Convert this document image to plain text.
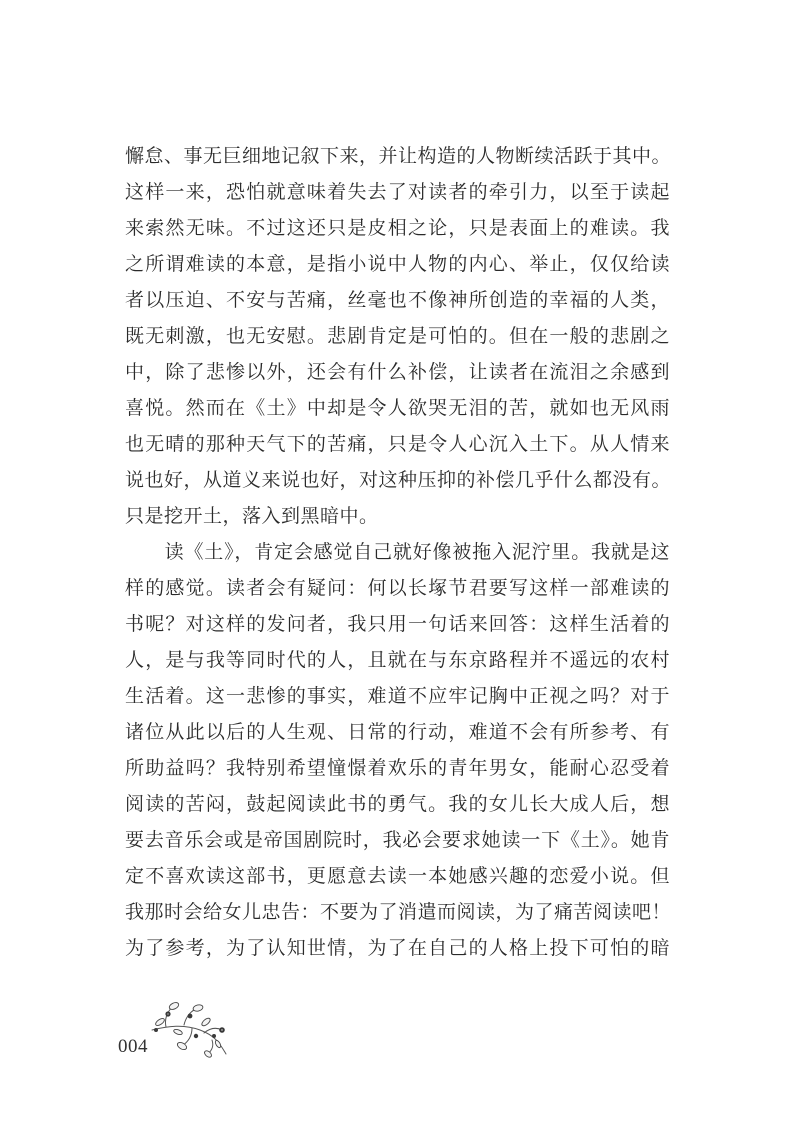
懈怠、事无巨细地记叙下来，并让构造的人物断续活跃于其中。
这样一来，恐怕就意味着失去了对读者的牵引力，以至于读起
来索然无味。不过这还只是皮相之论，只是表面上的难读。我
之所谓难读的本意，是指小说中人物的内心、举止，仅仅给读
者以压迫、不安与苦痛，丝毫也不像神所创造的幸福的人类，
既无刺激，也无安慰。悲剧肯定是可怕的。但在一般的悲剧之
中，除了悲惨以外，还会有什么补偿，让读者在流泪之余感到
喜悦。然而在《土》中却是令人欲哭无泪的苦，就如也无风雨
也无晴的那种天气下的苦痛，只是令人心沉入土下。从人情来
说也好，从道义来说也好，对这种压抑的补偿几乎什么都没有。
只是挖开土，落入到黑暗中。
　　读《土》，肯定会感觉自己就好像被拖入泥泞里。我就是这
样的感觉。读者会有疑问：何以长塚节君要写这样一部难读的
书呢？对这样的发问者，我只用一句话来回答：这样生活着的
人，是与我等同时代的人，且就在与东京路程并不遥远的农村
生活着。这一悲惨的事实，难道不应牢记胸中正视之吗？对于
诸位从此以后的人生观、日常的行动，难道不会有所参考、有
所助益吗？我特别希望憧憬着欢乐的青年男女，能耐心忍受着
阅读的苦闷，鼓起阅读此书的勇气。我的女儿长大成人后，想
要去音乐会或是帝国剧院时，我必会要求她读一下《土》。她肯
定不喜欢读这部书，更愿意去读一本她感兴趣的恋爱小说。但
我那时会给女儿忠告：不要为了消遣而阅读，为了痛苦阅读吧！
为了参考，为了认知世情，为了在自己的人格上投下可怕的暗
004
